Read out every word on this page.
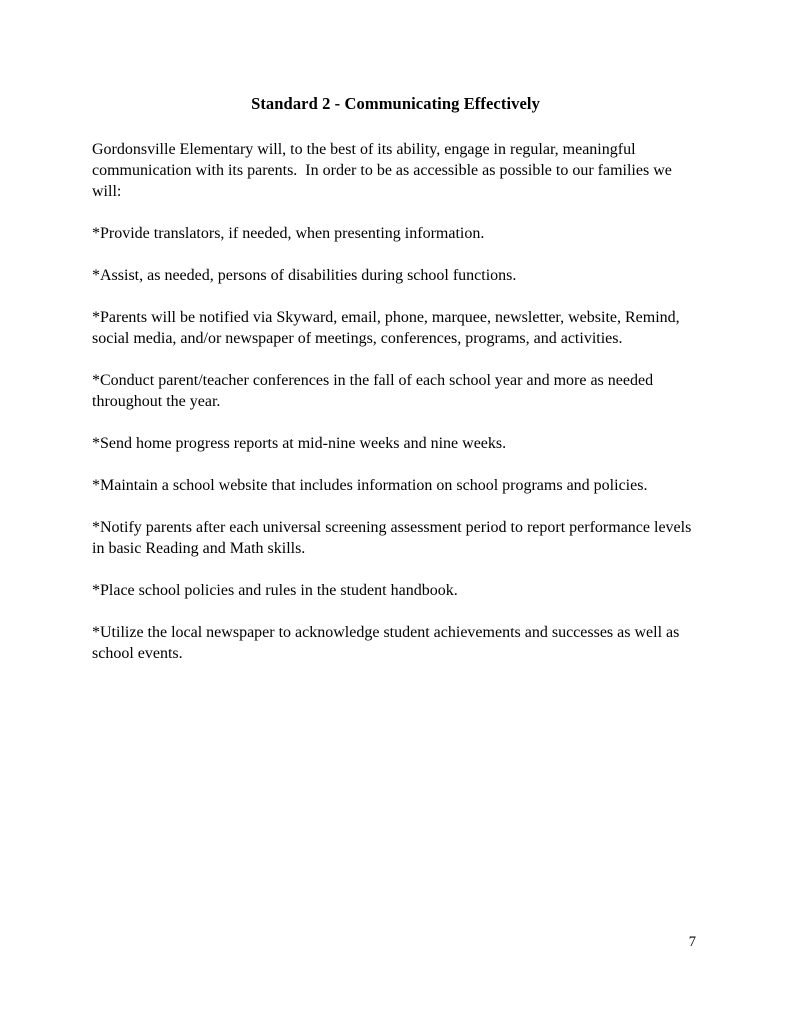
Standard 2 - Communicating Effectively

Gordonsville Elementary will, to the best of its ability, engage in regular, meaningful communication with its parents.  In order to be as accessible as possible to our families we will:

*Provide translators, if needed, when presenting information.

*Assist, as needed, persons of disabilities during school functions.

*Parents will be notified via Skyward, email, phone, marquee, newsletter, website, Remind, social media, and/or newspaper of meetings, conferences, programs, and activities.

*Conduct parent/teacher conferences in the fall of each school year and more as needed throughout the year.

*Send home progress reports at mid-nine weeks and nine weeks.

*Maintain a school website that includes information on school programs and policies.

*Notify parents after each universal screening assessment period to report performance levels in basic Reading and Math skills.

*Place school policies and rules in the student handbook.

*Utilize the local newspaper to acknowledge student achievements and successes as well as school events.

7
